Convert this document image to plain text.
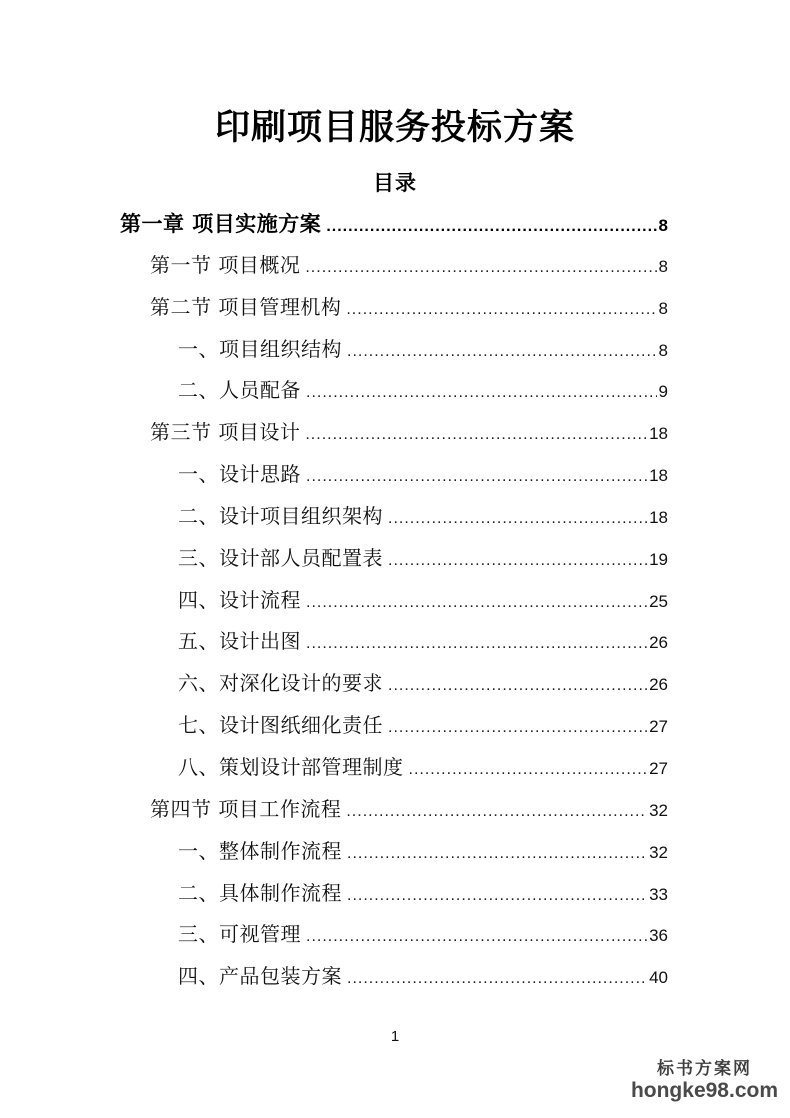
印刷项目服务投标方案
目录
第一章 项目实施方案 .....	8
第一节 项目概况 .....	8
第二节 项目管理机构 .....	8
一、项目组织结构 .....	8
二、人员配备 .....	9
第三节 项目设计 .....	18
一、设计思路 .....	18
二、设计项目组织架构 .....	18
三、设计部人员配置表 .....	19
四、设计流程 .....	25
五、设计出图 .....	26
六、对深化设计的要求 .....	26
七、设计图纸细化责任 .....	27
八、策划设计部管理制度 .....	27
第四节 项目工作流程 .....	32
一、整体制作流程 .....	32
二、具体制作流程 .....	33
三、可视管理 .....	36
四、产品包装方案 .....	40
1
标书方案网
hongke98.com
